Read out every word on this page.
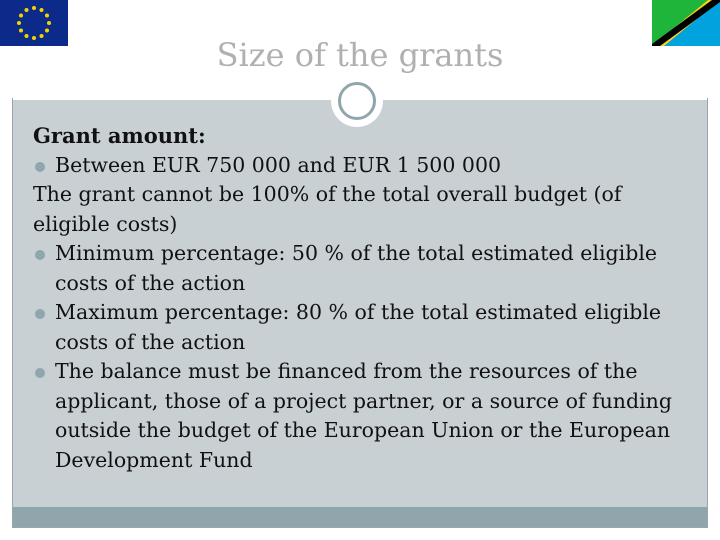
Size of the grants

Grant amount:

Between EUR 750 000 and EUR 1 500 000

The grant cannot be 100% of the total overall budget (of eligible costs)

Minimum percentage: 50 % of the total estimated eligible costs of the action

Maximum percentage: 80 % of the total estimated eligible costs of the action

The balance must be financed from the resources of the applicant, those of a project partner, or a source of funding outside the budget of the European Union or the European Development Fund
